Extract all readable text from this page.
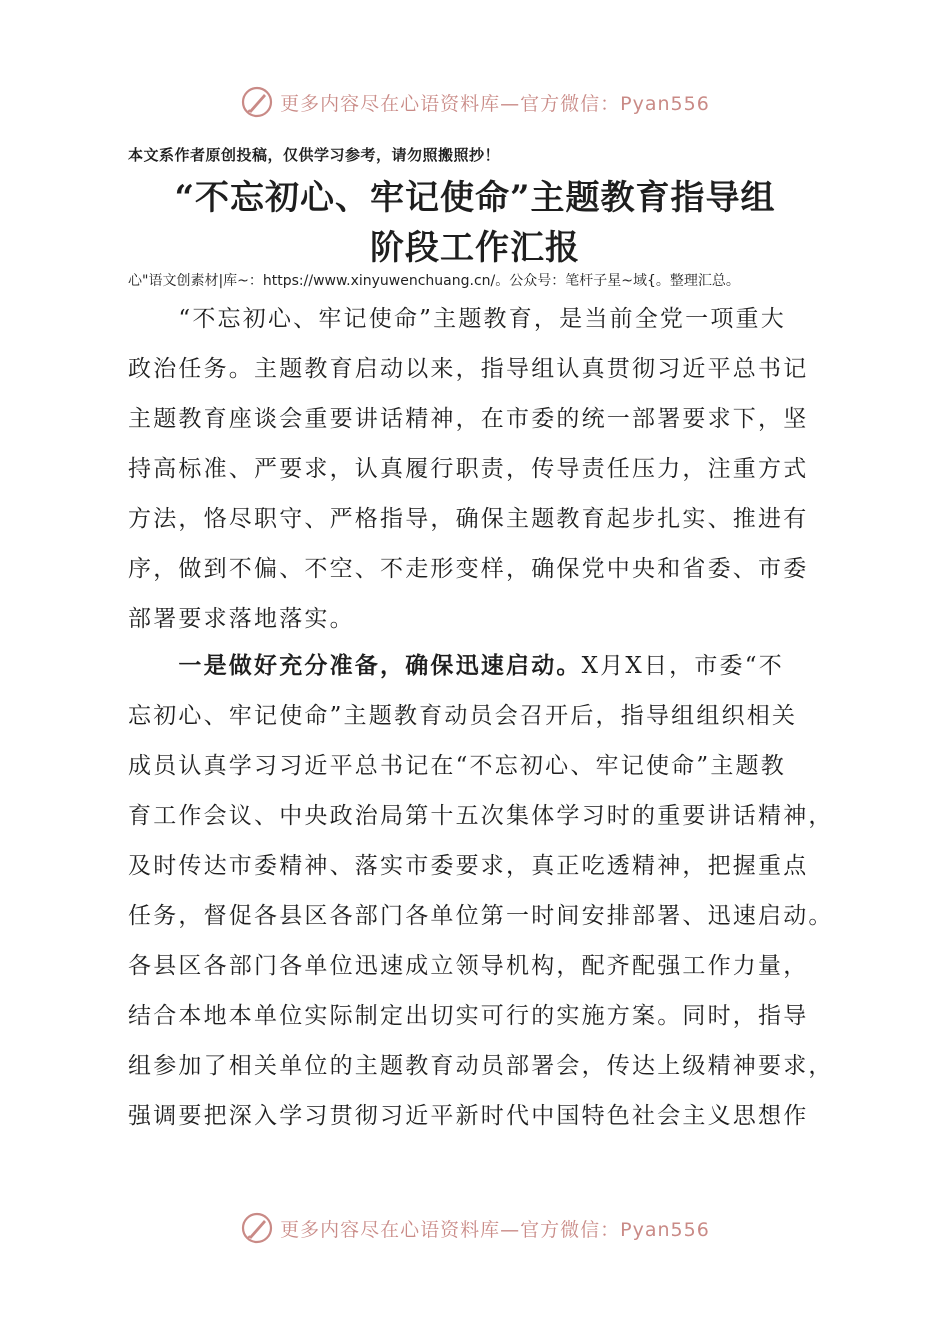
更多内容尽在心语资料库—官方微信：Pyan556
本文系作者原创投稿，仅供学习参考，请勿照搬照抄！
“不忘初心、牢记使命”主题教育指导组
阶段工作汇报
心"语文创素材|库~：https://www.xinyuwenchuang.cn/。公众号：笔杆子星~域{。整理汇总。
　　“不忘初心、牢记使命”主题教育，是当前全党一项重大
政治任务。主题教育启动以来，指导组认真贯彻习近平总书记
主题教育座谈会重要讲话精神，在市委的统一部署要求下，坚
持高标准、严要求，认真履行职责，传导责任压力，注重方式
方法，恪尽职守、严格指导，确保主题教育起步扎实、推进有
序，做到不偏、不空、不走形变样，确保党中央和省委、市委
部署要求落地落实。
　　一是做好充分准备，确保迅速启动。X月X日，市委“不
忘初心、牢记使命”主题教育动员会召开后，指导组组织相关
成员认真学习习近平总书记在“不忘初心、牢记使命”主题教
育工作会议、中央政治局第十五次集体学习时的重要讲话精神，
及时传达市委精神、落实市委要求，真正吃透精神，把握重点
任务，督促各县区各部门各单位第一时间安排部署、迅速启动。
各县区各部门各单位迅速成立领导机构，配齐配强工作力量，
结合本地本单位实际制定出切实可行的实施方案。同时，指导
组参加了相关单位的主题教育动员部署会，传达上级精神要求，
强调要把深入学习贯彻习近平新时代中国特色社会主义思想作
更多内容尽在心语资料库—官方微信：Pyan556
